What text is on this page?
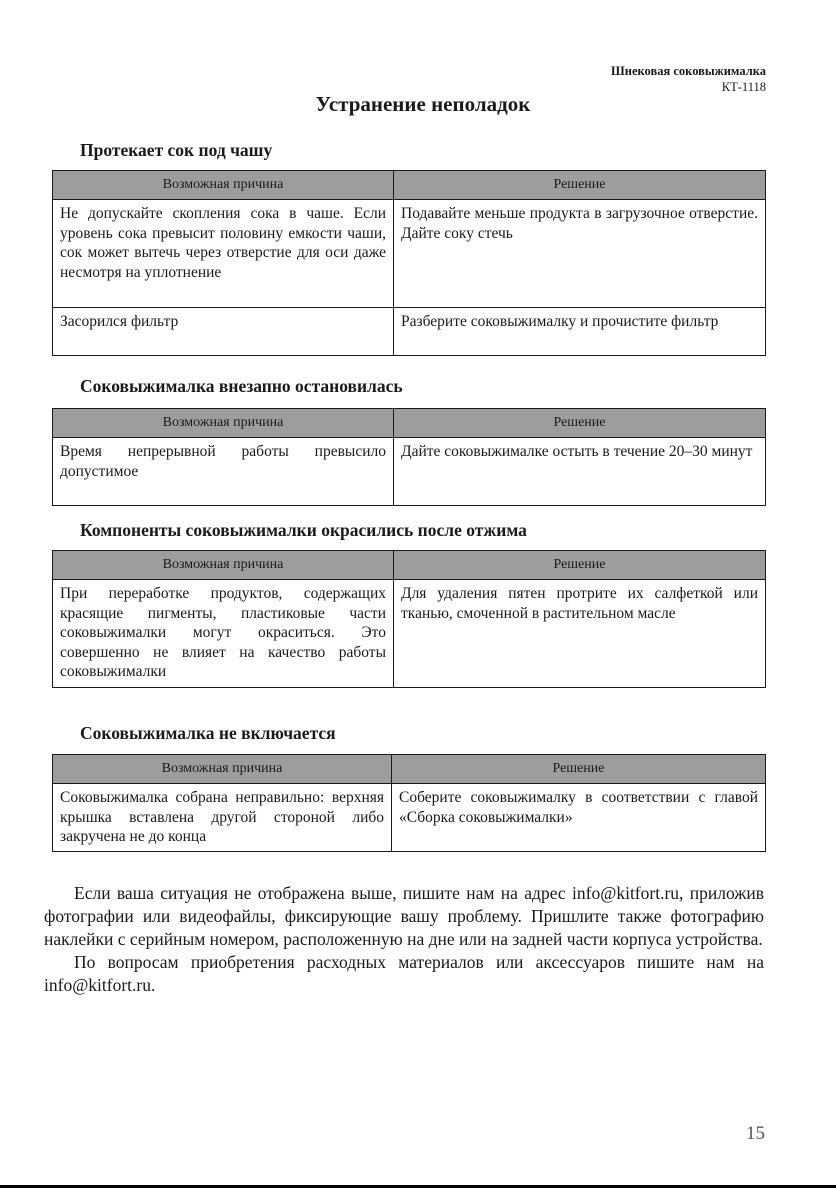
Шнековая соковыжималка
КТ-1118
Устранение неполадок
Протекает сок под чашу
Возможная причина	Решение
Не допускайте скопления сока в чаше. Если уровень сока превысит половину емкости чаши, сок может вытечь через отверстие для оси даже несмотря на уплотнение	Подавайте меньше продукта в загрузочное отверстие. Дайте соку стечь
Засорился фильтр	Разберите соковыжималку и прочистите фильтр
Соковыжималка внезапно остановилась
Возможная причина	Решение
Время непрерывной работы превысило допустимое	Дайте соковыжималке остыть в течение 20–30 минут
Компоненты соковыжималки окрасились после отжима
Возможная причина	Решение
При переработке продуктов, содержащих красящие пигменты, пластиковые части соковыжималки могут окраситься. Это совершенно не влияет на качество работы соковыжималки	Для удаления пятен протрите их салфеткой или тканью, смоченной в растительном масле
Соковыжималка не включается
Возможная причина	Решение
Соковыжималка собрана неправильно: верхняя крышка вставлена другой стороной либо закручена не до конца	Соберите соковыжималку в соответствии с главой «Сборка соковыжималки»

Если ваша ситуация не отображена выше, пишите нам на адрес info@kitfort.ru, приложив фотографии или видеофайлы, фиксирующие вашу проблему. Пришлите также фотографию наклейки с серийным номером, расположенную на дне или на задней части корпуса устройства.

По вопросам приобретения расходных материалов или аксессуаров пишите нам на info@kitfort.ru.

15
